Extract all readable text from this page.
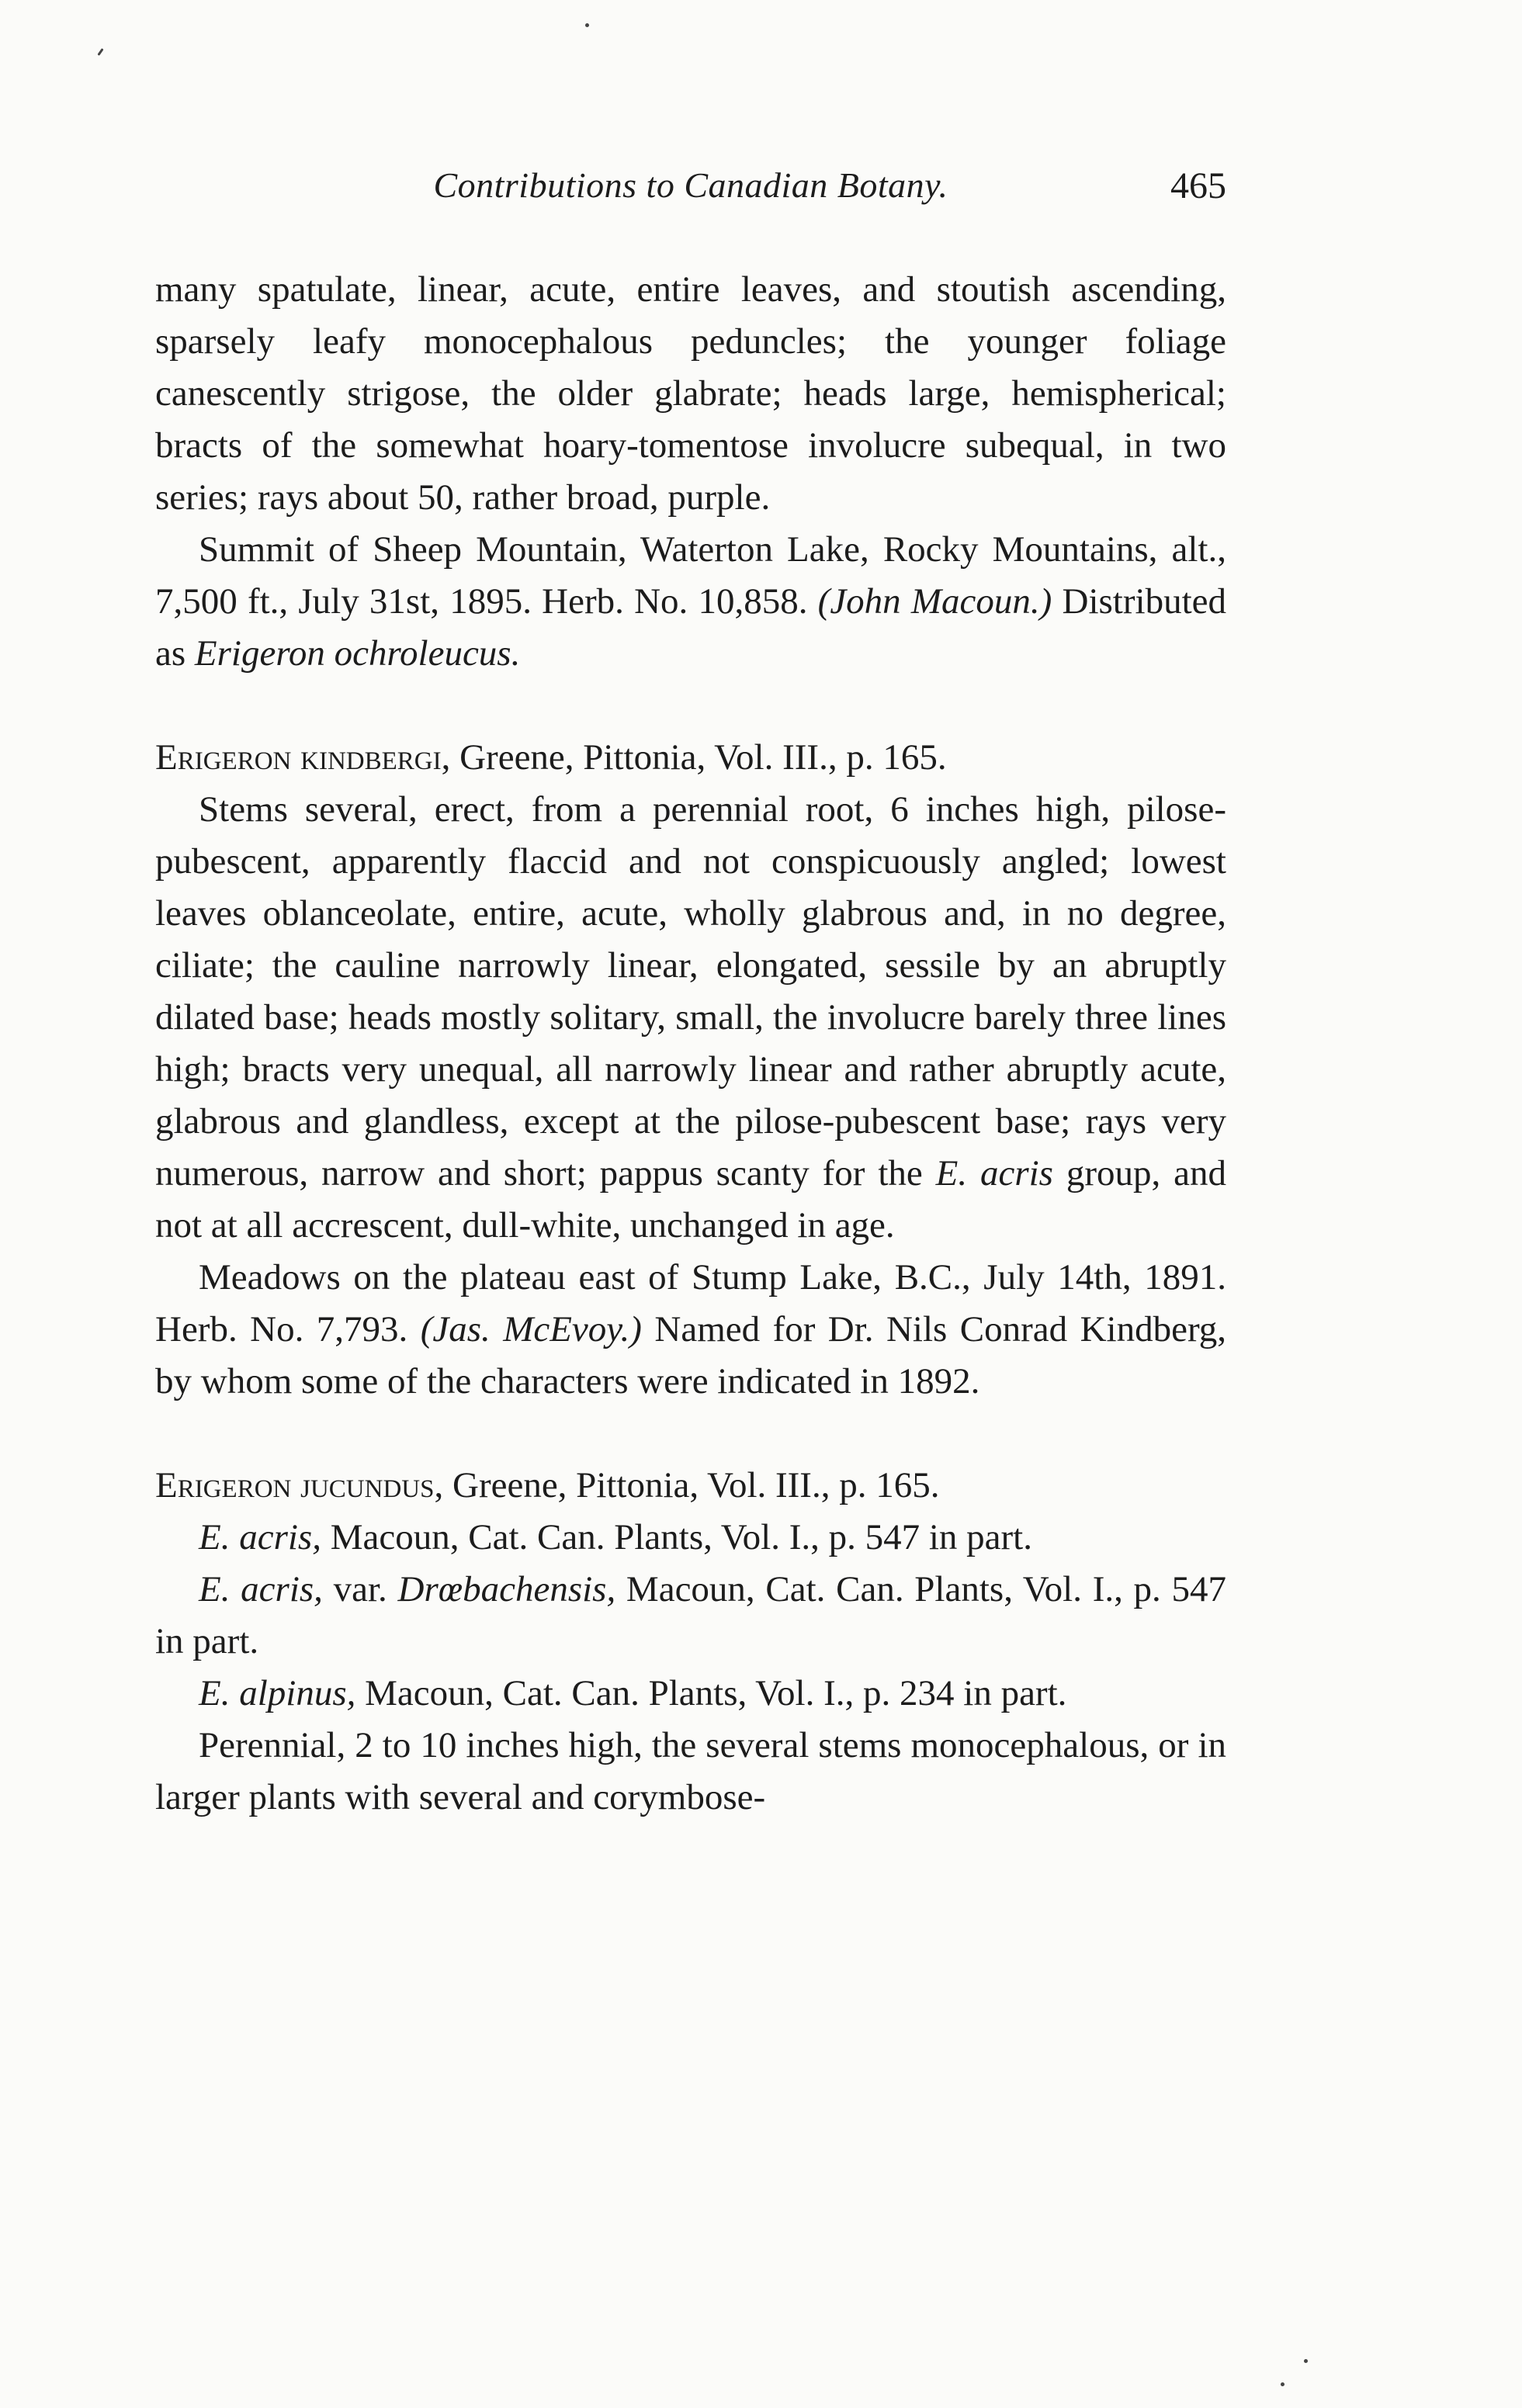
Contributions to Canadian Botany.	465

many spatulate, linear, acute, entire leaves, and stoutish ascending, sparsely leafy monocephalous peduncles; the younger foliage canescently strigose, the older glabrate; heads large, hemispherical; bracts of the somewhat hoary-tomentose involucre subequal, in two series; rays about 50, rather broad, purple.

Summit of Sheep Mountain, Waterton Lake, Rocky Mountains, alt., 7,500 ft., July 31st, 1895. Herb. No. 10,858. (John Macoun.) Distributed as Erigeron ochroleucus.

Erigeron kindbergi, Greene, Pittonia, Vol. III., p. 165.

Stems several, erect, from a perennial root, 6 inches high, pilose-pubescent, apparently flaccid and not conspicuously angled; lowest leaves oblanceolate, entire, acute, wholly glabrous and, in no degree, ciliate; the cauline narrowly linear, elongated, sessile by an abruptly dilated base; heads mostly solitary, small, the involucre barely three lines high; bracts very unequal, all narrowly linear and rather abruptly acute, glabrous and glandless, except at the pilose-pubescent base; rays very numerous, narrow and short; pappus scanty for the E. acris group, and not at all accrescent, dull-white, unchanged in age.

Meadows on the plateau east of Stump Lake, B.C., July 14th, 1891. Herb. No. 7,793. (Jas. McEvoy.) Named for Dr. Nils Conrad Kindberg, by whom some of the characters were indicated in 1892.

Erigeron jucundus, Greene, Pittonia, Vol. III., p. 165.

E. acris, Macoun, Cat. Can. Plants, Vol. I., p. 547 in part.

E. acris, var. Drœbachensis, Macoun, Cat. Can. Plants, Vol. I., p. 547 in part.

E. alpinus, Macoun, Cat. Can. Plants, Vol. I., p. 234 in part.

Perennial, 2 to 10 inches high, the several stems monocephalous, or in larger plants with several and corymbose-
